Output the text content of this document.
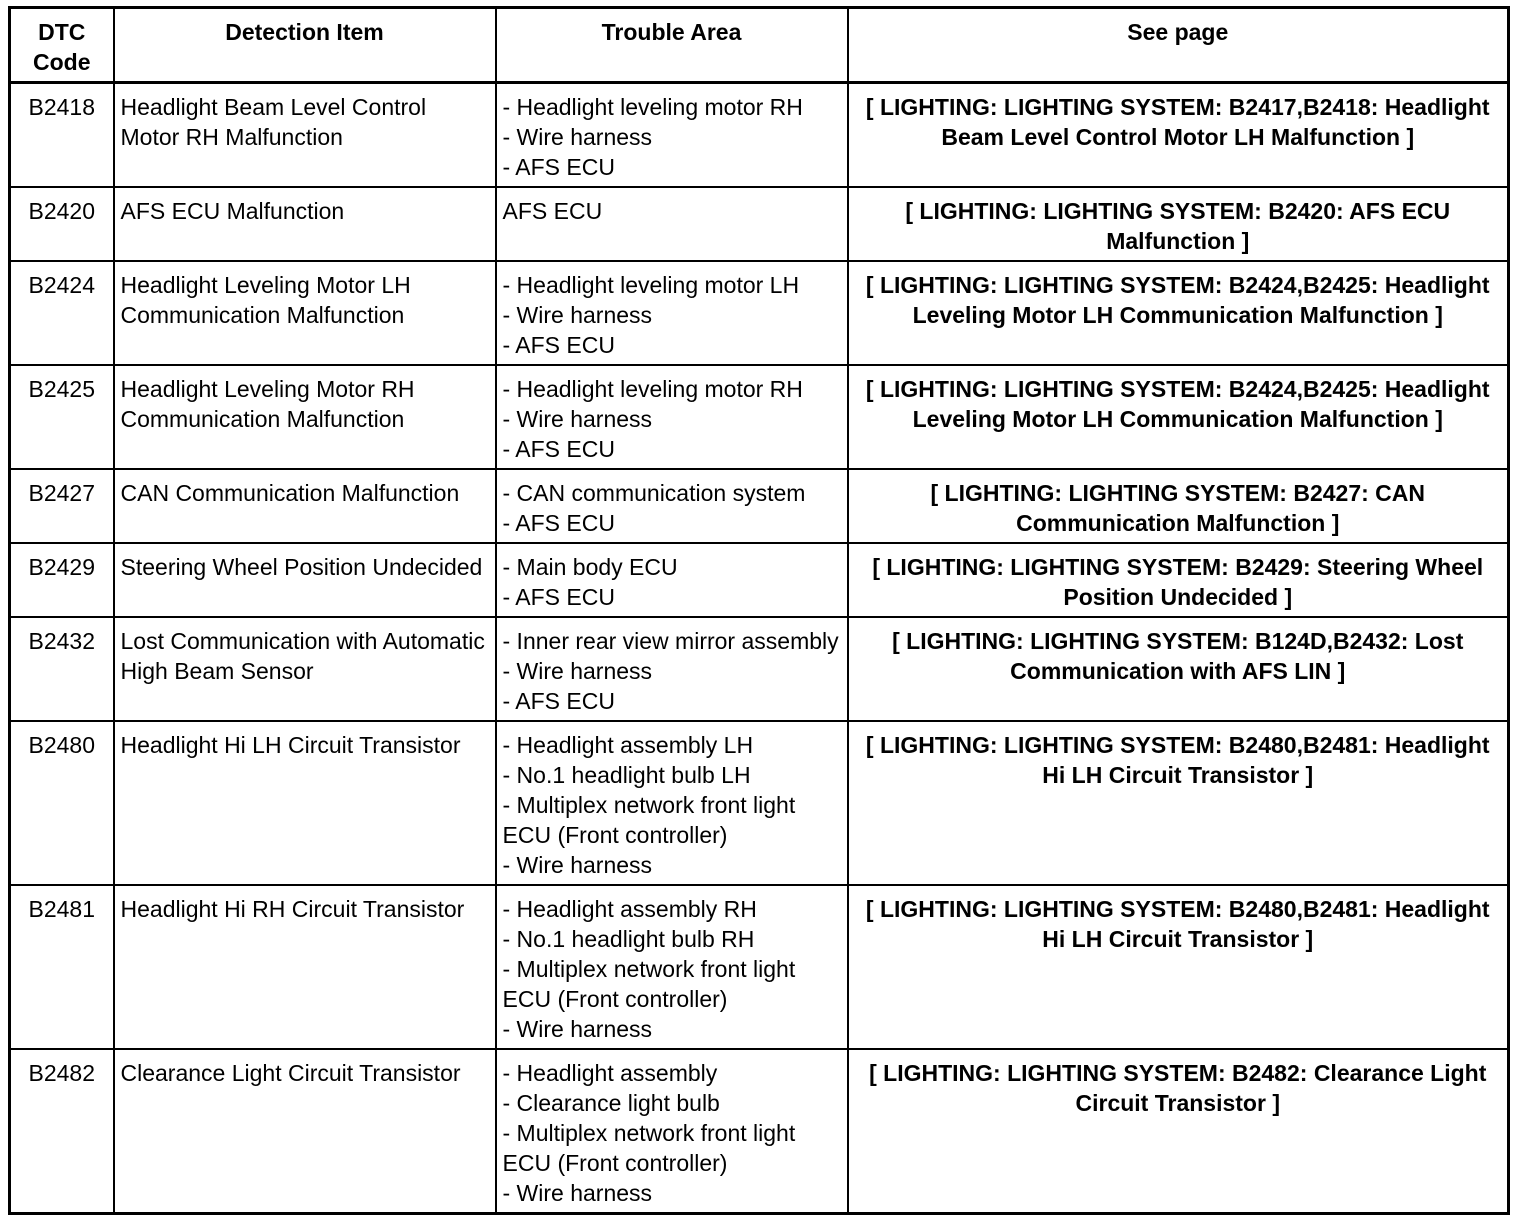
DTC Code	Detection Item	Trouble Area	See page
B2418	Headlight Beam Level Control Motor RH Malfunction	- Headlight leveling motor RH
- Wire harness
- AFS ECU	[ LIGHTING: LIGHTING SYSTEM: B2417,B2418: Headlight Beam Level Control Motor LH Malfunction ]
B2420	AFS ECU Malfunction	AFS ECU	[ LIGHTING: LIGHTING SYSTEM: B2420: AFS ECU Malfunction ]
B2424	Headlight Leveling Motor LH Communication Malfunction	- Headlight leveling motor LH
- Wire harness
- AFS ECU	[ LIGHTING: LIGHTING SYSTEM: B2424,B2425: Headlight Leveling Motor LH Communication Malfunction ]
B2425	Headlight Leveling Motor RH Communication Malfunction	- Headlight leveling motor RH
- Wire harness
- AFS ECU	[ LIGHTING: LIGHTING SYSTEM: B2424,B2425: Headlight Leveling Motor LH Communication Malfunction ]
B2427	CAN Communication Malfunction	- CAN communication system
- AFS ECU	[ LIGHTING: LIGHTING SYSTEM: B2427: CAN Communication Malfunction ]
B2429	Steering Wheel Position Undecided	- Main body ECU
- AFS ECU	[ LIGHTING: LIGHTING SYSTEM: B2429: Steering Wheel Position Undecided ]
B2432	Lost Communication with Automatic High Beam Sensor	- Inner rear view mirror assembly
- Wire harness
- AFS ECU	[ LIGHTING: LIGHTING SYSTEM: B124D,B2432: Lost Communication with AFS LIN ]
B2480	Headlight Hi LH Circuit Transistor	- Headlight assembly LH
- No.1 headlight bulb LH
- Multiplex network front light ECU (Front controller)
- Wire harness	[ LIGHTING: LIGHTING SYSTEM: B2480,B2481: Headlight Hi LH Circuit Transistor ]
B2481	Headlight Hi RH Circuit Transistor	- Headlight assembly RH
- No.1 headlight bulb RH
- Multiplex network front light ECU (Front controller)
- Wire harness	[ LIGHTING: LIGHTING SYSTEM: B2480,B2481: Headlight Hi LH Circuit Transistor ]
B2482	Clearance Light Circuit Transistor	- Headlight assembly
- Clearance light bulb
- Multiplex network front light ECU (Front controller)
- Wire harness	[ LIGHTING: LIGHTING SYSTEM: B2482: Clearance Light Circuit Transistor ]
